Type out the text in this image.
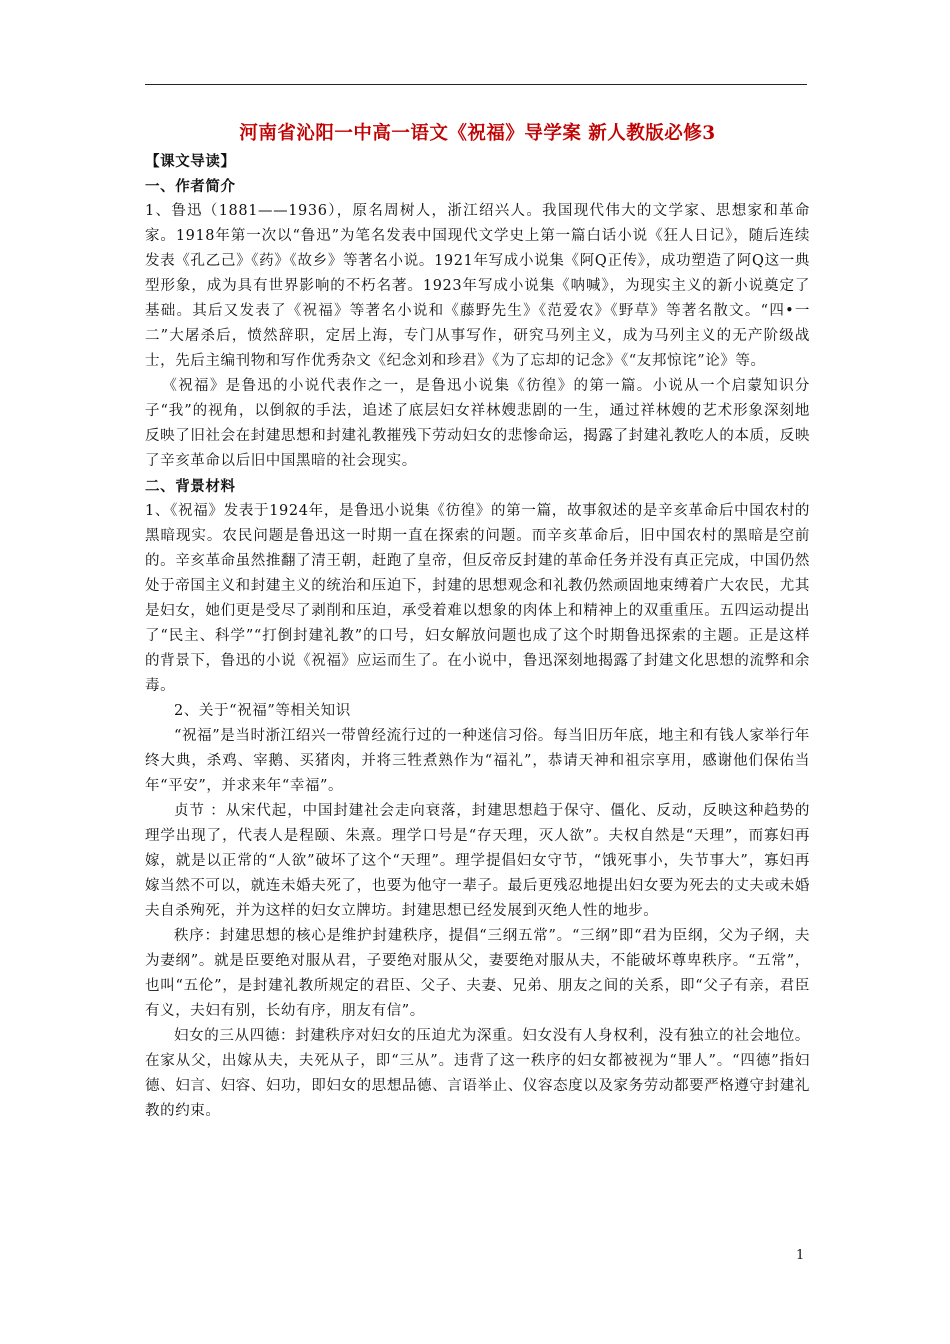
河南省沁阳一中高一语文《祝福》导学案 新人教版必修3

【课文导读】

一、作者简介

1、鲁迅（1881——1936），原名周树人，浙江绍兴人。我国现代伟大的文学家、思想家和革命家。1918年第一次以“鲁迅”为笔名发表中国现代文学史上第一篇白话小说《狂人日记》，随后连续发表《孔乙己》《药》《故乡》等著名小说。1921年写成小说集《阿Q正传》，成功塑造了阿Q这一典型形象，成为具有世界影响的不朽名著。1923年写成小说集《呐喊》，为现实主义的新小说奠定了基础。其后又发表了《祝福》等著名小说和《藤野先生》《范爱农》《野草》等著名散文。“四•一二”大屠杀后，愤然辞职，定居上海，专门从事写作，研究马列主义，成为马列主义的无产阶级战士，先后主编刊物和写作优秀杂文《纪念刘和珍君》《为了忘却的记念》《“友邦惊诧”论》等。

《祝福》是鲁迅的小说代表作之一，是鲁迅小说集《彷徨》的第一篇。小说从一个启蒙知识分子“我”的视角，以倒叙的手法，追述了底层妇女祥林嫂悲剧的一生，通过祥林嫂的艺术形象深刻地反映了旧社会在封建思想和封建礼教摧残下劳动妇女的悲惨命运，揭露了封建礼教吃人的本质，反映了辛亥革命以后旧中国黑暗的社会现实。

二、背景材料

1、《祝福》发表于1924年，是鲁迅小说集《彷徨》的第一篇，故事叙述的是辛亥革命后中国农村的黑暗现实。农民问题是鲁迅这一时期一直在探索的问题。而辛亥革命后，旧中国农村的黑暗是空前的。辛亥革命虽然推翻了清王朝，赶跑了皇帝，但反帝反封建的革命任务并没有真正完成，中国仍然处于帝国主义和封建主义的统治和压迫下，封建的思想观念和礼教仍然顽固地束缚着广大农民，尤其是妇女，她们更是受尽了剥削和压迫，承受着难以想象的肉体上和精神上的双重重压。五四运动提出了“民主、科学”“打倒封建礼教”的口号，妇女解放问题也成了这个时期鲁迅探索的主题。正是这样的背景下，鲁迅的小说《祝福》应运而生了。在小说中，鲁迅深刻地揭露了封建文化思想的流弊和余毒。

2、关于“祝福”等相关知识

“祝福”是当时浙江绍兴一带曾经流行过的一种迷信习俗。每当旧历年底，地主和有钱人家举行年终大典，杀鸡、宰鹅、买猪肉，并将三牲煮熟作为“福礼”，恭请天神和祖宗享用，感谢他们保佑当年“平安”，并求来年“幸福”。

贞节 ：从宋代起，中国封建社会走向衰落，封建思想趋于保守、僵化、反动，反映这种趋势的理学出现了，代表人是程颐、朱熹。理学口号是“存天理，灭人欲”。夫权自然是“天理”，而寡妇再嫁，就是以正常的“人欲”破坏了这个“天理”。理学提倡妇女守节，“饿死事小，失节事大”，寡妇再嫁当然不可以，就连未婚夫死了，也要为他守一辈子。最后更残忍地提出妇女要为死去的丈夫或未婚夫自杀殉死，并为这样的妇女立牌坊。封建思想已经发展到灭绝人性的地步。

秩序：封建思想的核心是维护封建秩序，提倡“三纲五常”。“三纲”即“君为臣纲，父为子纲，夫为妻纲”。就是臣要绝对服从君，子要绝对服从父，妻要绝对服从夫，不能破坏尊卑秩序。“五常”，也叫“五伦”，是封建礼教所规定的君臣、父子、夫妻、兄弟、朋友之间的关系，即“父子有亲，君臣有义，夫妇有别，长幼有序，朋友有信”。

妇女的三从四德：封建秩序对妇女的压迫尤为深重。妇女没有人身权利，没有独立的社会地位。在家从父，出嫁从夫，夫死从子，即“三从”。违背了这一秩序的妇女都被视为“罪人”。“四德”指妇德、妇言、妇容、妇功，即妇女的思想品德、言语举止、仪容态度以及家务劳动都要严格遵守封建礼教的约束。

1
